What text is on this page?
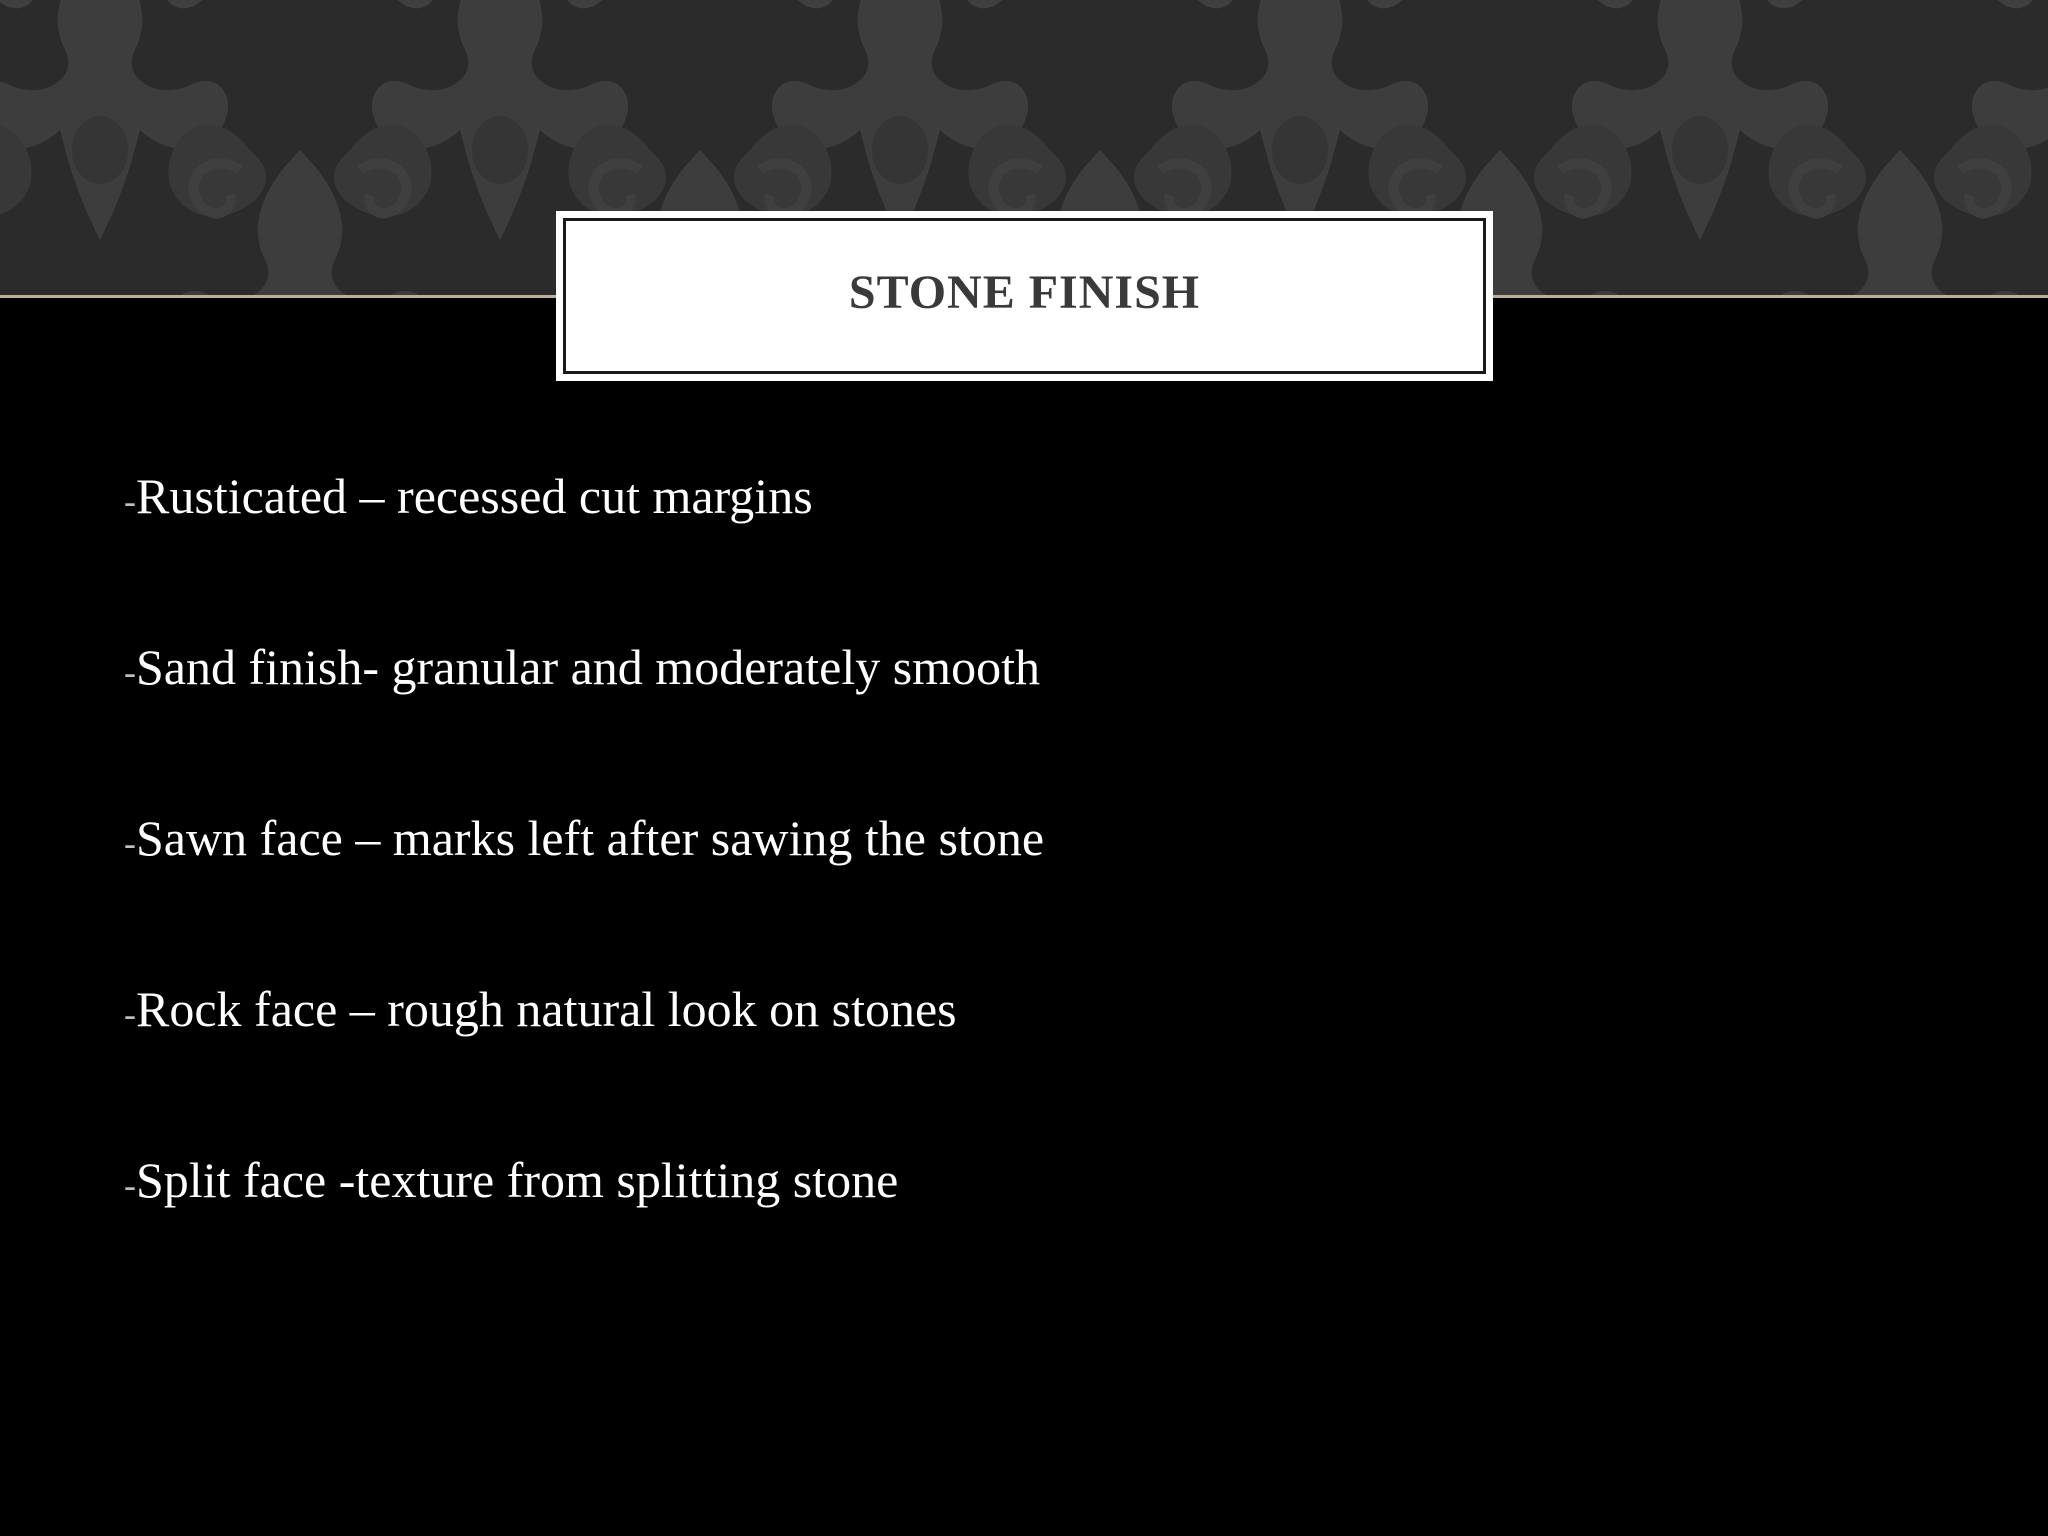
STONE FINISH
-Rusticated – recessed cut margins
-Sand finish- granular and moderately smooth
-Sawn face – marks left after sawing the stone
-Rock face – rough natural look on stones
-Split face -texture from splitting stone
